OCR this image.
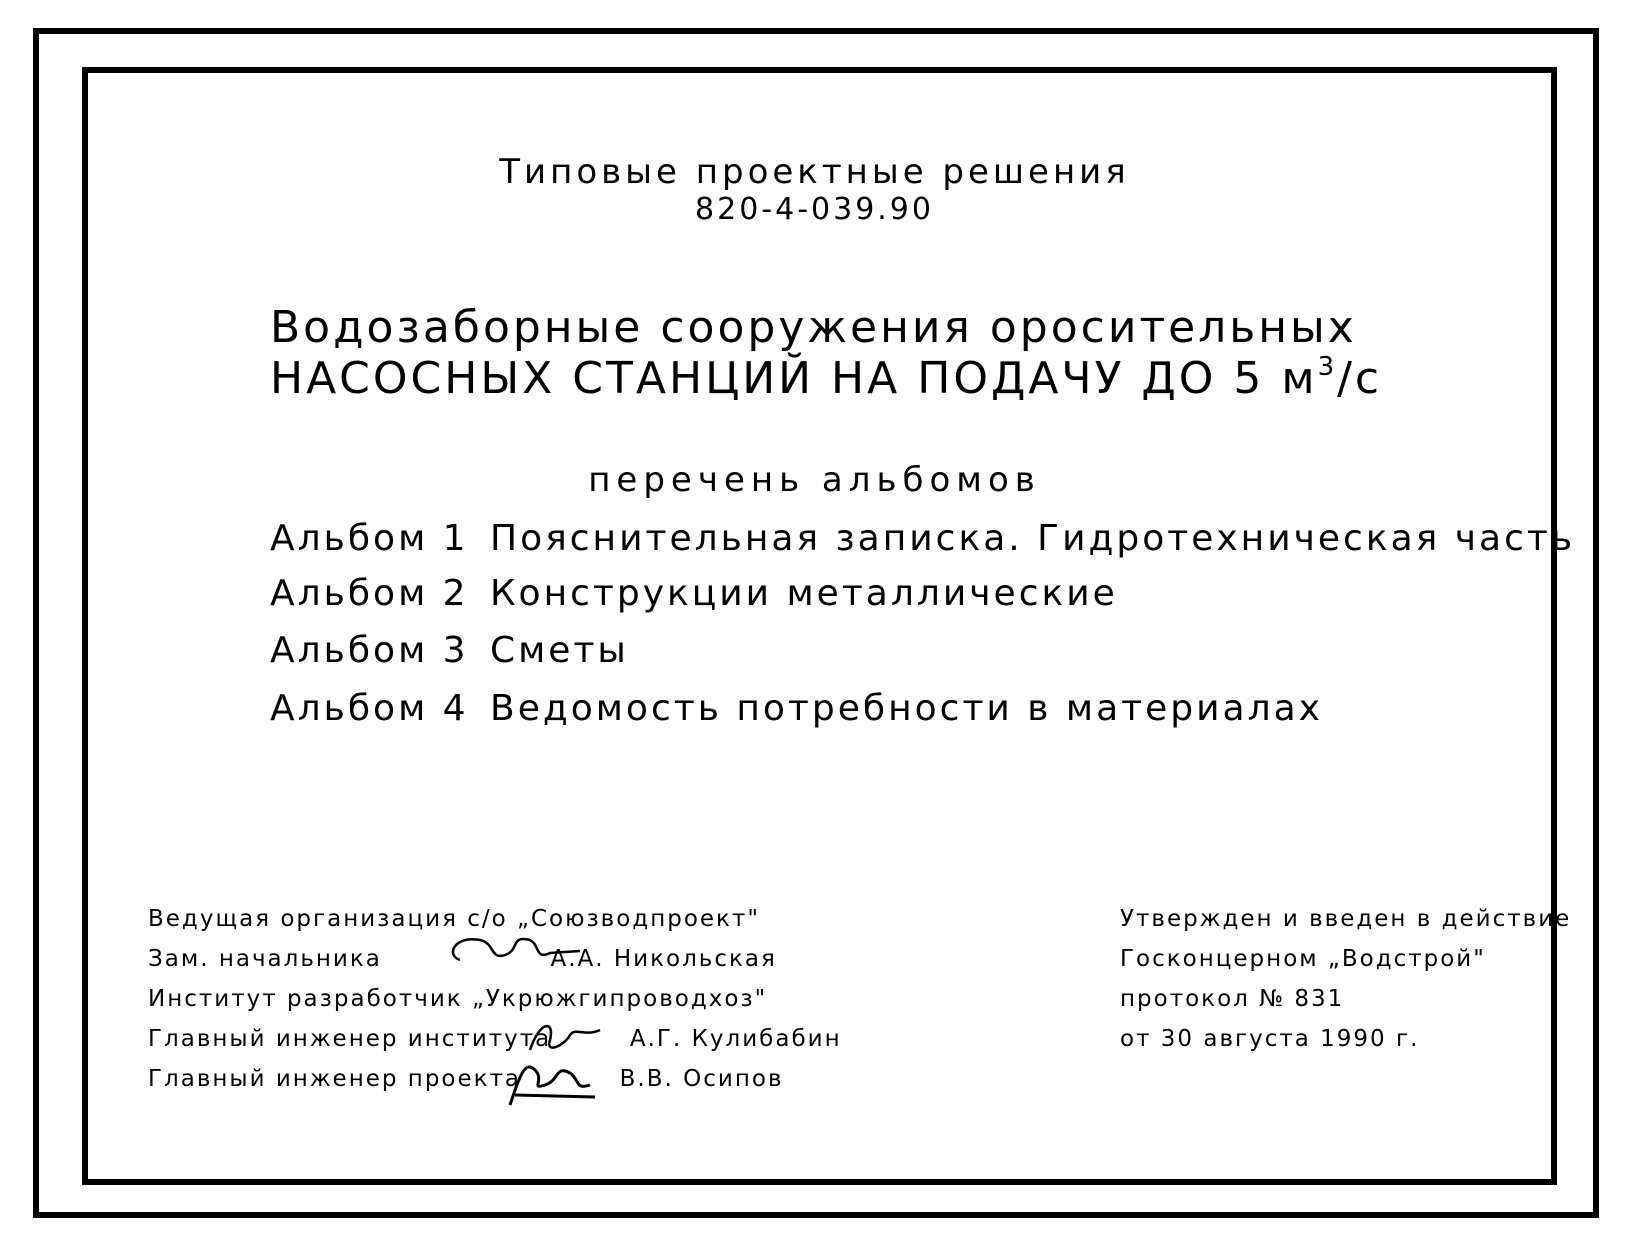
Типовые проектные решения
820-4-039.90
Водозаборные сооружения оросительных
НАСОСНЫХ СТАНЦИЙ НА ПОДАЧУ ДО 5 $м^3/с$
перечень альбомов
Альбом 1 Пояснительная записка. Гидротехническая часть
Альбом 2 Конструкции металлические
Альбом 3 Сметы
Альбом 4 Ведомость потребности в материалах
Ведущая организация с/о „Союзводпроект"
Зам. начальника	А.А. Никольская
Институт разработчик „Укрюжгипроводхоз"
Главный инженер института	А.Г. Кулибабин
Главный инженер проекта	В.В. Осипов
Утвержден и введен в действие
Госконцерном „Водстрой"
протокол № 831
от 30 августа 1990 г.
